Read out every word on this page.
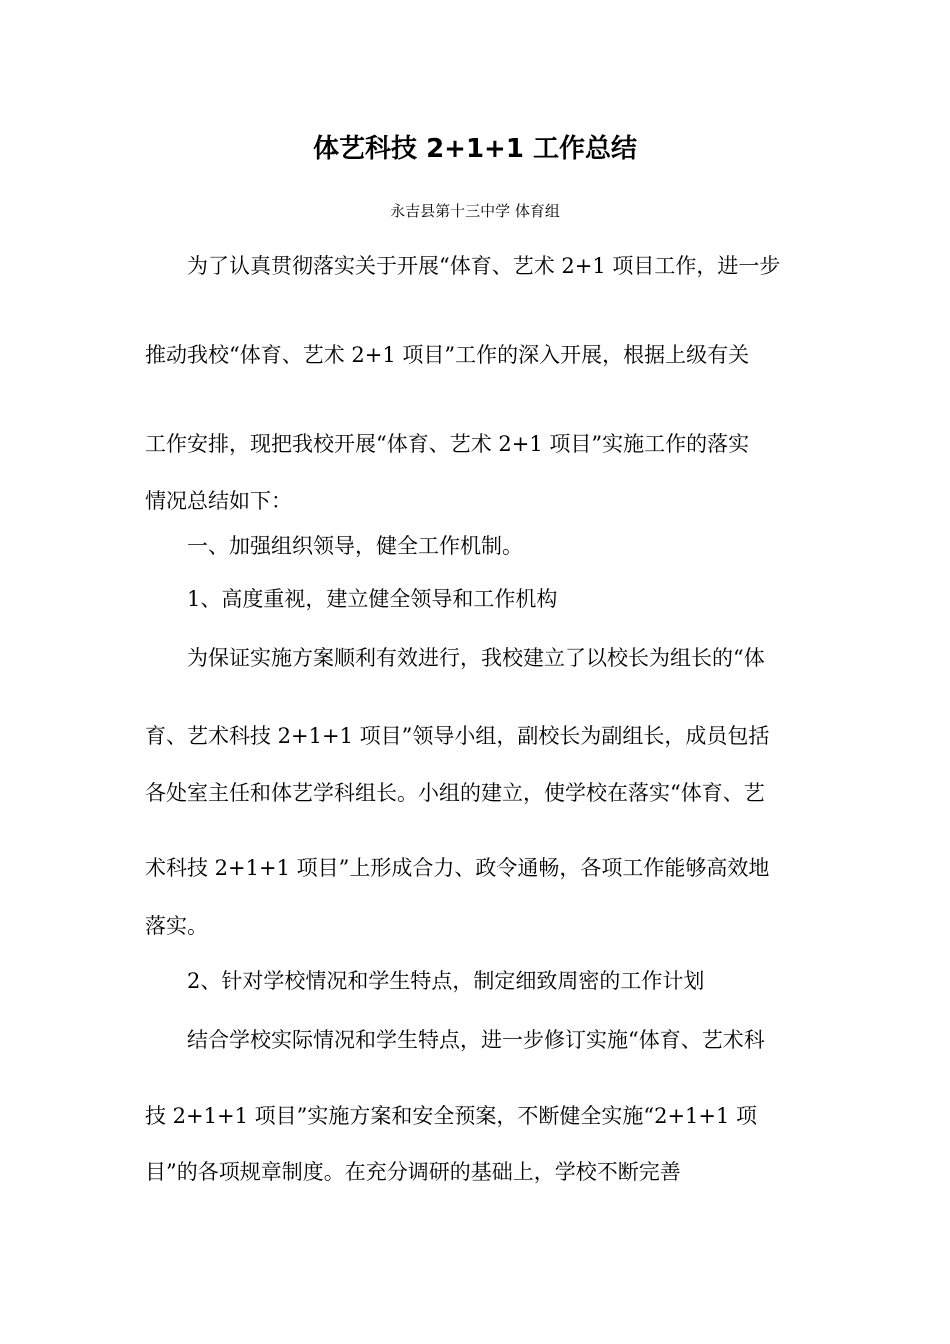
体艺科技 2+1+1 工作总结
永吉县第十三中学 体育组
为了认真贯彻落实关于开展“体育、艺术 2+1 项目工作，进一步
推动我校“体育、艺术 2+1 项目”工作的深入开展，根据上级有关
工作安排，现把我校开展“体育、艺术 2+1 项目”实施工作的落实
情况总结如下：
一、加强组织领导，健全工作机制。
1、高度重视，建立健全领导和工作机构
为保证实施方案顺利有效进行，我校建立了以校长为组长的“体
育、艺术科技 2+1+1 项目”领导小组，副校长为副组长，成员包括
各处室主任和体艺学科组长。小组的建立，使学校在落实“体育、艺
术科技 2+1+1 项目”上形成合力、政令通畅，各项工作能够高效地
落实。
2、针对学校情况和学生特点，制定细致周密的工作计划
结合学校实际情况和学生特点，进一步修订实施“体育、艺术科
技 2+1+1 项目”实施方案和安全预案，不断健全实施“2+1+1 项
目”的各项规章制度。在充分调研的基础上，学校不断完善
